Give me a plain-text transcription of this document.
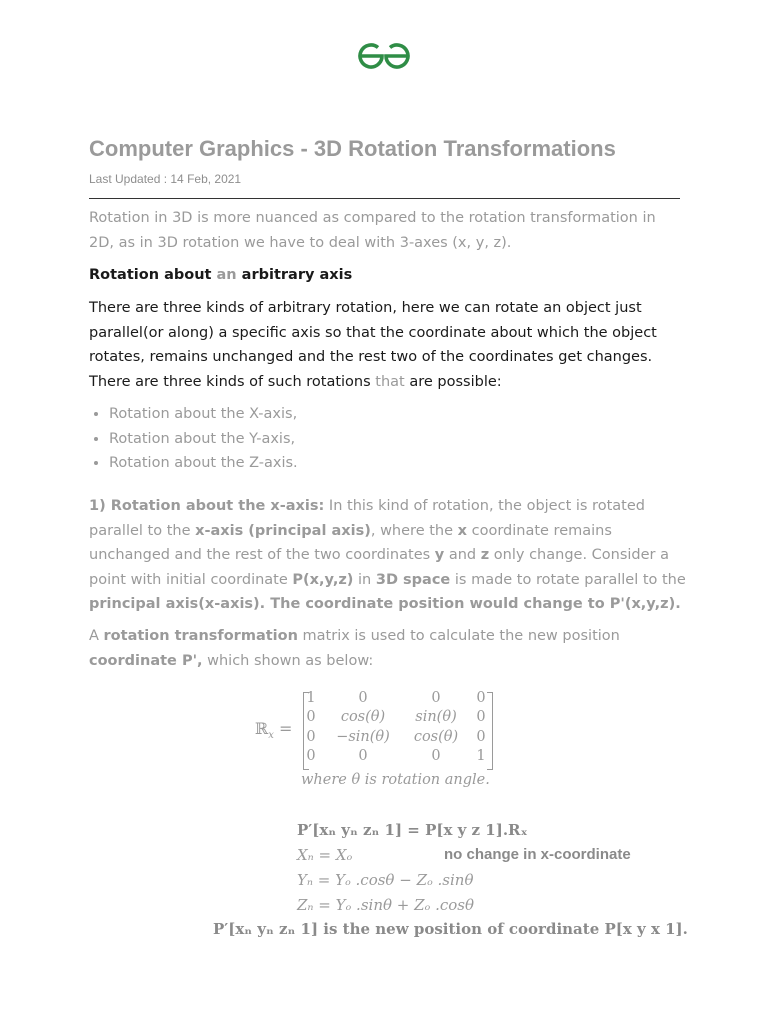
Computer Graphics - 3D Rotation Transformations
Last Updated : 14 Feb, 2021

Rotation in 3D is more nuanced as compared to the rotation transformation in
2D, as in 3D rotation we have to deal with 3-axes (x, y, z).

Rotation about an arbitrary axis

There are three kinds of arbitrary rotation, here we can rotate an object just
parallel(or along) a specific axis so that the coordinate about which the object
rotates, remains unchanged and the rest two of the coordinates get changes.
There are three kinds of such rotations that are possible:

• Rotation about the X-axis,
• Rotation about the Y-axis,
• Rotation about the Z-axis.

1) Rotation about the x-axis: In this kind of rotation, the object is rotated
parallel to the x-axis (principal axis), where the x coordinate remains
unchanged and the rest of the two coordinates y and z only change. Consider a
point with initial coordinate P(x,y,z) in 3D space is made to rotate parallel to the
principal axis(x-axis). The coordinate position would change to P'(x,y,z).

A rotation transformation matrix is used to calculate the new position
coordinate P', which shown as below:

ℝ$_x$ =
1	0	0 0
0 cos(θ) sin(θ) 0
0 −sin(θ) cos(θ) 0
0	0	0 1
where θ is rotation angle.
P′[xₙ yₙ zₙ 1] = P[x y z 1].Rₓ
Xₙ = Xₒ	no change in x-coordinate
Yₙ = Yₒ .cosθ − Zₒ .sinθ
Zₙ = Yₒ .sinθ + Zₒ .cosθ
P′[xₙ yₙ zₙ 1] is the new position of coordinate P[x y x 1].
